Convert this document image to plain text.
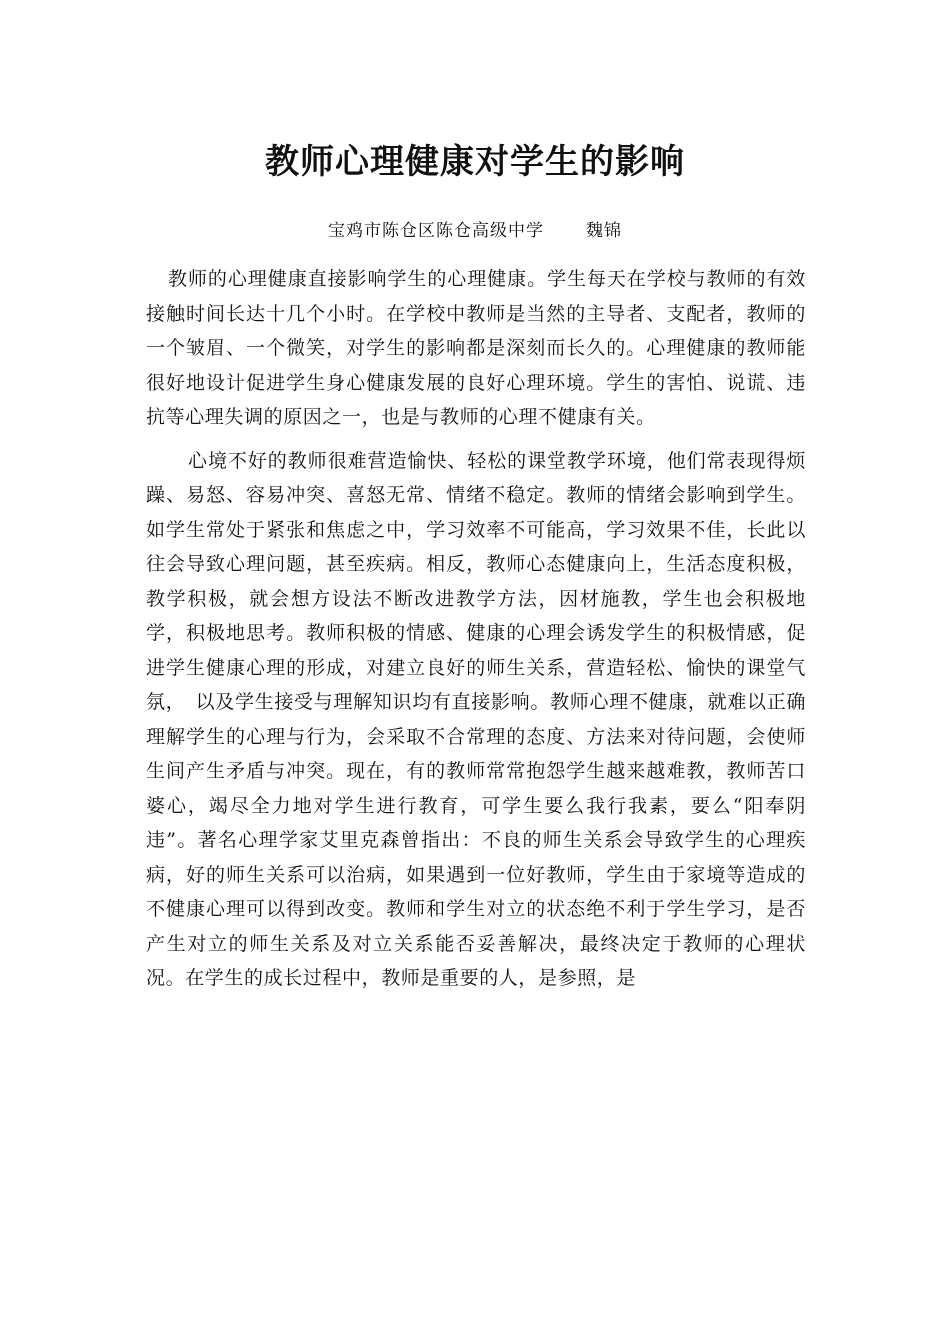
教师心理健康对学生的影响

宝鸡市陈仓区陈仓高级中学 魏锦

教师的心理健康直接影响学生的心理健康。学生每天在学校与教师的有效接触时间长达十几个小时。在学校中教师是当然的主导者、支配者，教师的一个皱眉、一个微笑，对学生的影响都是深刻而长久的。心理健康的教师能很好地设计促进学生身心健康发展的良好心理环境。学生的害怕、说谎、违抗等心理失调的原因之一，也是与教师的心理不健康有关。

心境不好的教师很难营造愉快、轻松的课堂教学环境，他们常表现得烦躁、易怒、容易冲突、喜怒无常、情绪不稳定。教师的情绪会影响到学生。如学生常处于紧张和焦虑之中，学习效率不可能高，学习效果不佳，长此以往会导致心理问题，甚至疾病。相反，教师心态健康向上，生活态度积极，教学积极，就会想方设法不断改进教学方法，因材施教，学生也会积极地学，积极地思考。教师积极的情感、健康的心理会诱发学生的积极情感，促进学生健康心理的形成，对建立良好的师生关系，营造轻松、愉快的课堂气氛，　以及学生接受与理解知识均有直接影响。教师心理不健康，就难以正确理解学生的心理与行为，会采取不合常理的态度、方法来对待问题，会使师生间产生矛盾与冲突。现在，有的教师常常抱怨学生越来越难教，教师苦口婆心，竭尽全力地对学生进行教育，可学生要么我行我素，要么“阳奉阴违”。著名心理学家艾里克森曾指出：不良的师生关系会导致学生的心理疾病，好的师生关系可以治病，如果遇到一位好教师，学生由于家境等造成的不健康心理可以得到改变。教师和学生对立的状态绝不利于学生学习，是否产生对立的师生关系及对立关系能否妥善解决，最终决定于教师的心理状况。在学生的成长过程中，教师是重要的人，是参照，是
